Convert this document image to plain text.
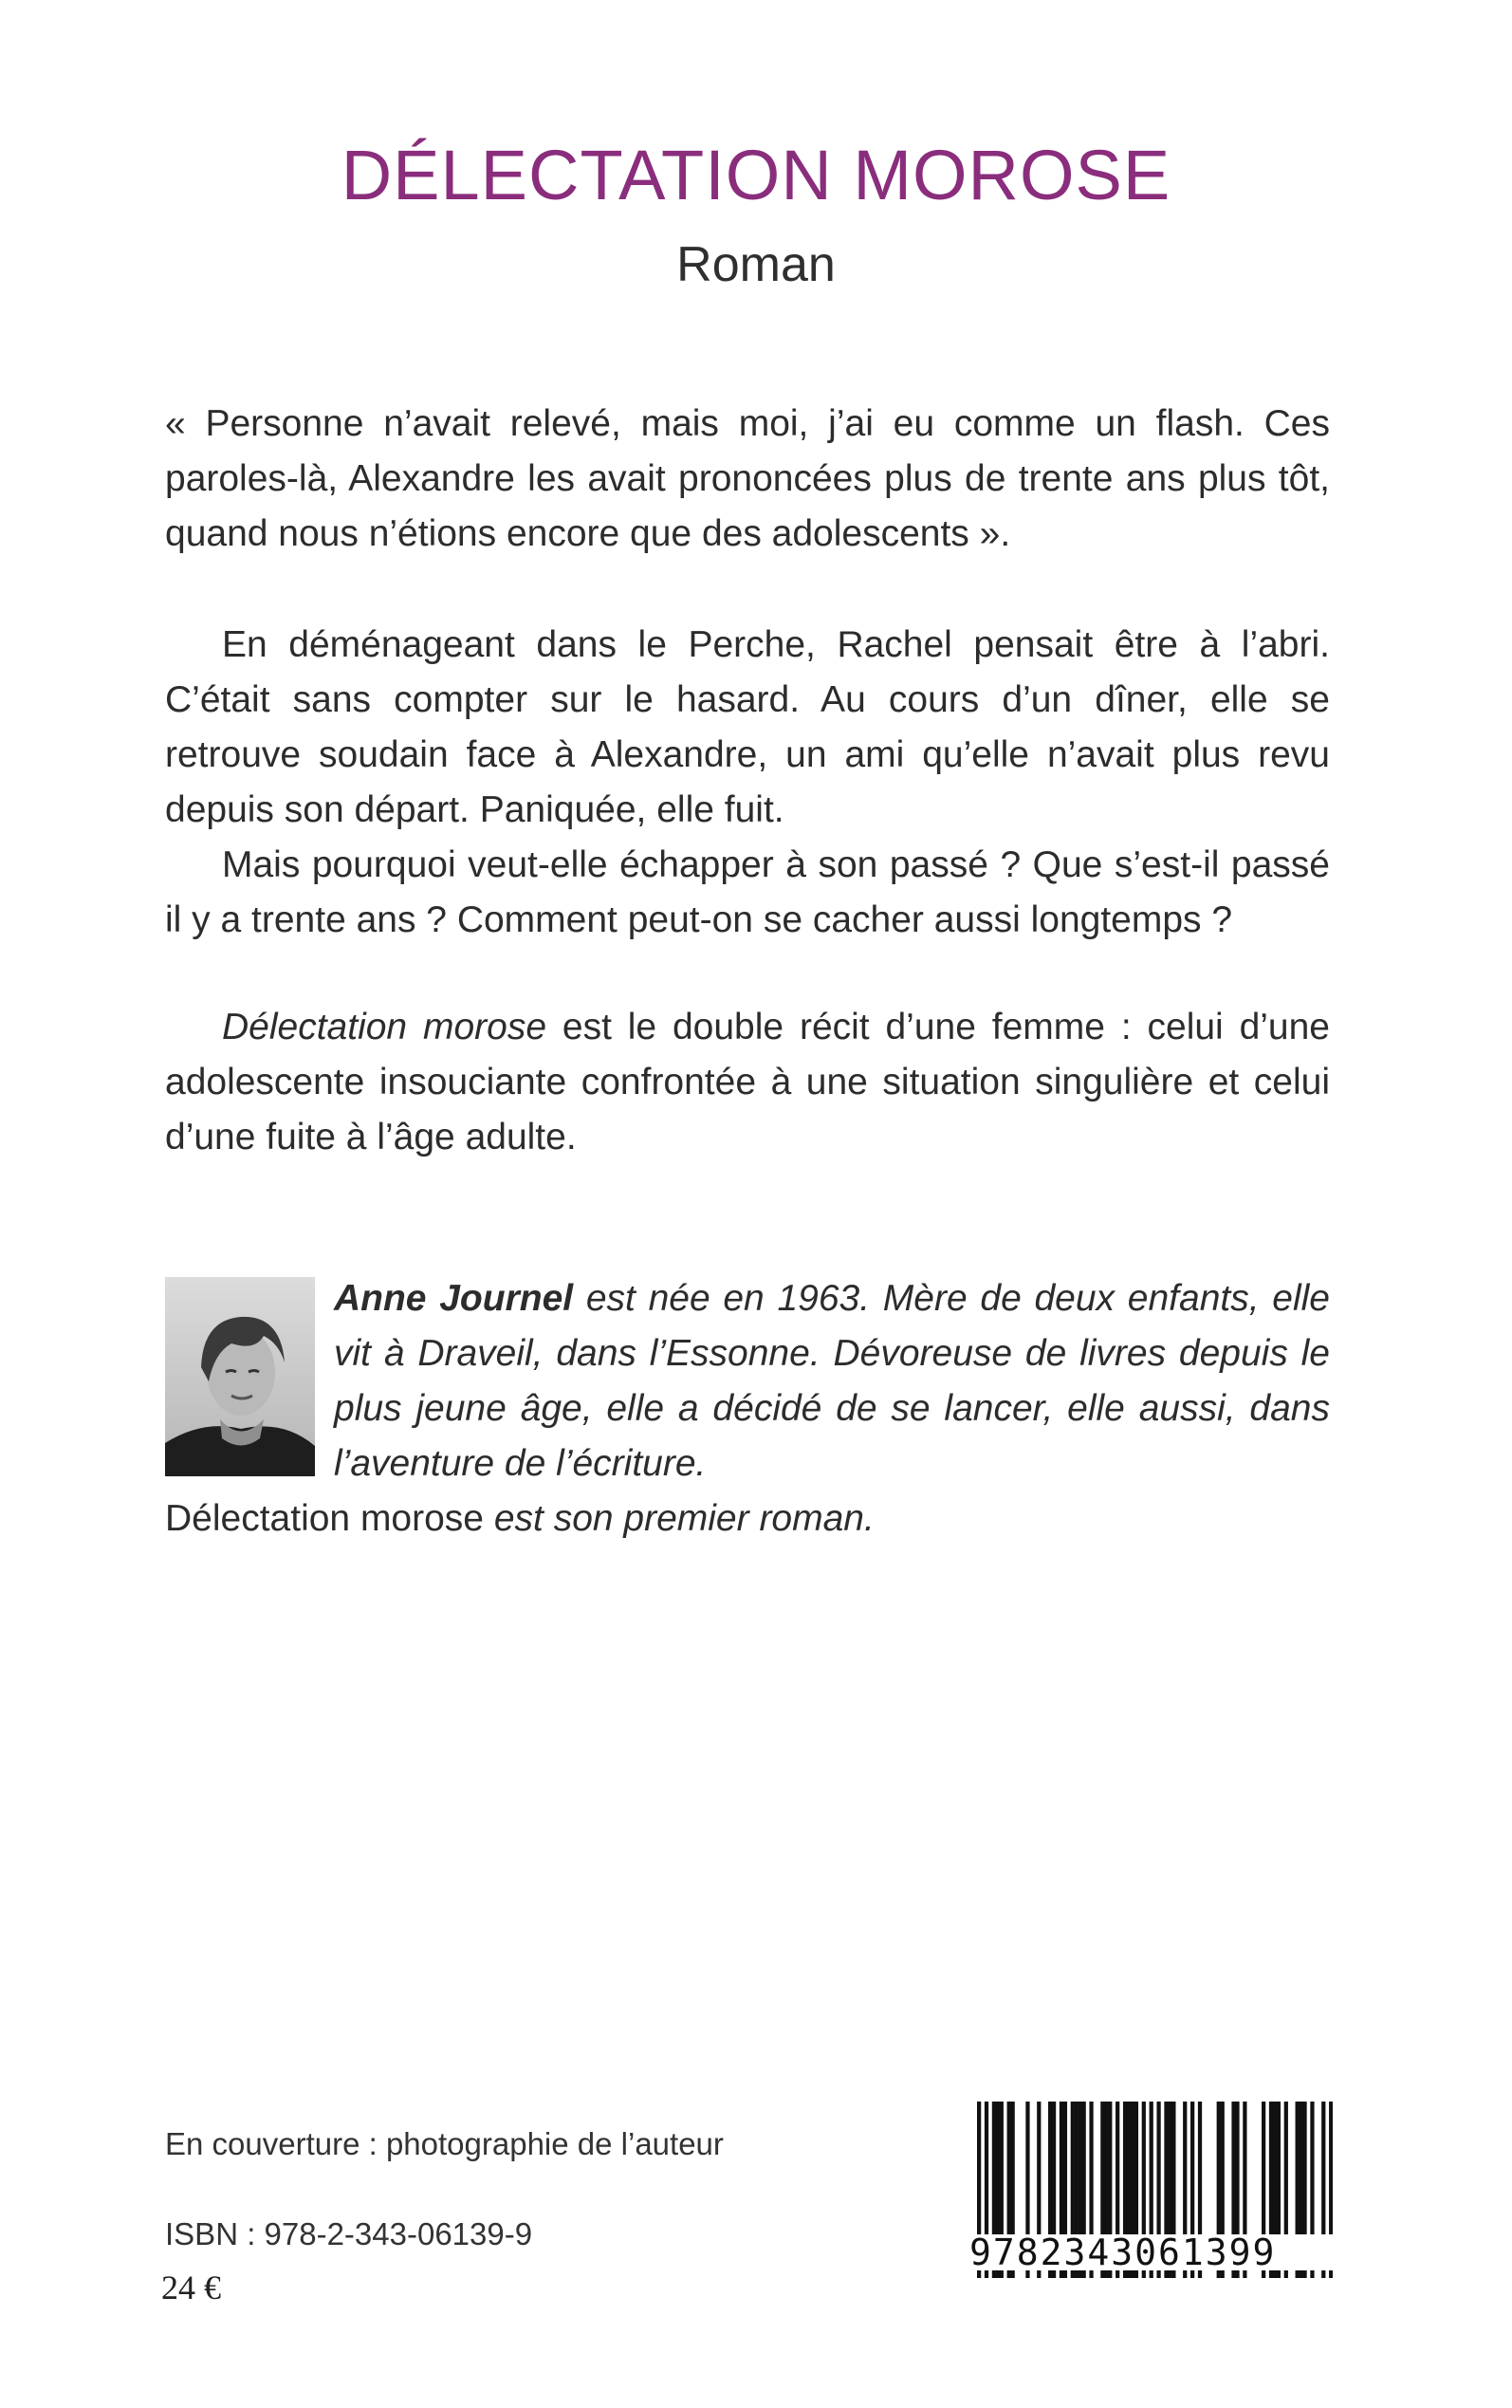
DÉLECTATION MOROSE
Roman

« Personne n’avait relevé, mais moi, j’ai eu comme un flash. Ces paroles-là, Alexandre les avait prononcées plus de trente ans plus tôt, quand nous n’étions encore que des adolescents ».

En déménageant dans le Perche, Rachel pensait être à l’abri. C’était sans compter sur le hasard. Au cours d’un dîner, elle se retrouve soudain face à Alexandre, un ami qu’elle n’avait plus revu depuis son départ. Paniquée, elle fuit.

Mais pourquoi veut-elle échapper à son passé ? Que s’est-il passé il y a trente ans ? Comment peut-on se cacher aussi longtemps ?

Délectation morose est le double récit d’une femme : celui d’une adolescente insouciante confrontée à une situation singulière et celui d’une fuite à l’âge adulte.

Anne Journel est née en 1963. Mère de deux enfants, elle vit à Draveil, dans l’Essonne. Dévoreuse de livres depuis le plus jeune âge, elle a décidé de se lancer, elle aussi, dans l’aventure de l’écriture.

Délectation morose est son premier roman.

En couverture : photographie de l’auteur
ISBN : 978-2-343-06139-9
24 €
9782343061399
